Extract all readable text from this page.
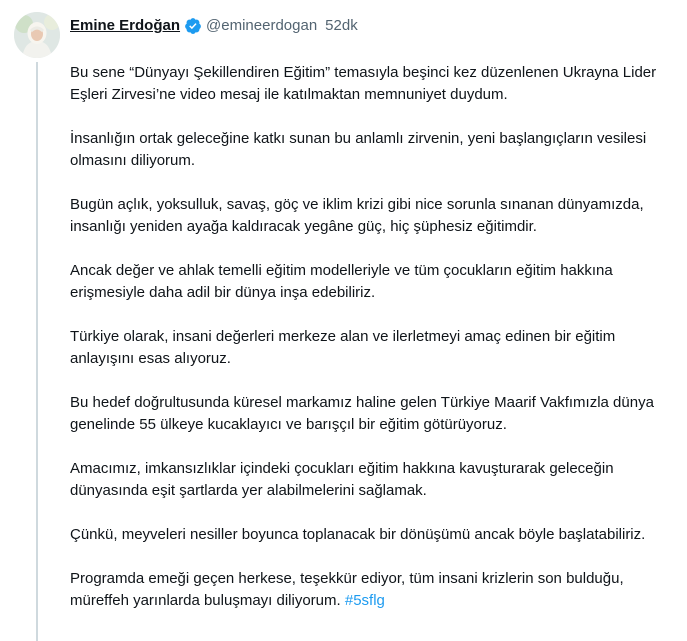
Emine Erdoğan @emineerdogan 52dk

Bu sene “Dünyayı Şekillendiren Eğitim” temasıyla beşinci kez düzenlenen Ukrayna Lider Eşleri Zirvesi’ne video mesaj ile katılmaktan memnuniyet duydum.

İnsanlığın ortak geleceğine katkı sunan bu anlamlı zirvenin, yeni başlangıçların vesilesi olmasını diliyorum.

Bugün açlık, yoksulluk, savaş, göç ve iklim krizi gibi nice sorunla sınanan dünyamızda, insanlığı yeniden ayağa kaldıracak yegâne güç, hiç şüphesiz eğitimdir.

Ancak değer ve ahlak temelli eğitim modelleriyle ve tüm çocukların eğitim hakkına erişmesiyle daha adil bir dünya inşa edebiliriz.

Türkiye olarak, insani değerleri merkeze alan ve ilerletmeyi amaç edinen bir eğitim anlayışını esas alıyoruz.

Bu hedef doğrultusunda küresel markamız haline gelen Türkiye Maarif Vakfımızla dünya genelinde 55 ülkeye kucaklayıcı ve barışçıl bir eğitim götürüyoruz.

Amacımız, imkansızlıklar içindeki çocukları eğitim hakkına kavuşturarak geleceğin dünyasında eşit şartlarda yer alabilmelerini sağlamak.

Çünkü, meyveleri nesiller boyunca toplanacak bir dönüşümü ancak böyle başlatabiliriz.

Programda emeği geçen herkese, teşekkür ediyor, tüm insani krizlerin son bulduğu, müreffeh yarınlarda buluşmayı diliyorum. #5sflg
